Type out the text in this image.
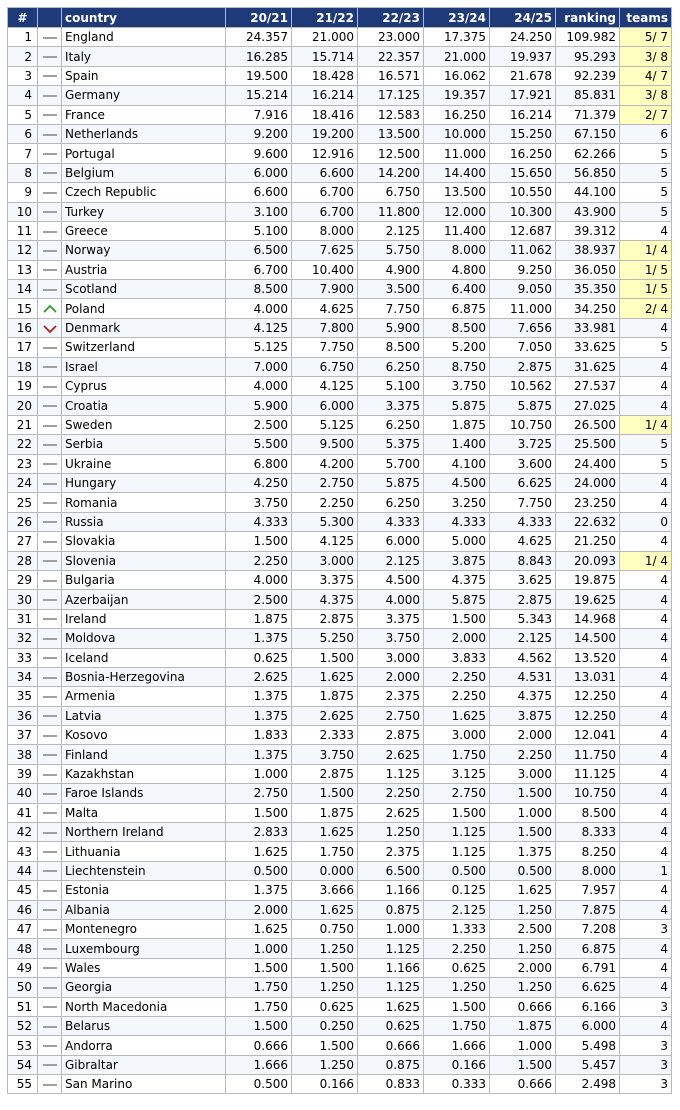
#		country	20/21	21/22	22/23	23/24	24/25	ranking	teams
1		England	24.357	21.000	23.000	17.375	24.250	109.982	5/ 7
2		Italy	16.285	15.714	22.357	21.000	19.937	95.293	3/ 8
3		Spain	19.500	18.428	16.571	16.062	21.678	92.239	4/ 7
4		Germany	15.214	16.214	17.125	19.357	17.921	85.831	3/ 8
5		France	7.916	18.416	12.583	16.250	16.214	71.379	2/ 7
6		Netherlands	9.200	19.200	13.500	10.000	15.250	67.150	6
7		Portugal	9.600	12.916	12.500	11.000	16.250	62.266	5
8		Belgium	6.000	6.600	14.200	14.400	15.650	56.850	5
9		Czech Republic	6.600	6.700	6.750	13.500	10.550	44.100	5
10		Turkey	3.100	6.700	11.800	12.000	10.300	43.900	5
11		Greece	5.100	8.000	2.125	11.400	12.687	39.312	4
12		Norway	6.500	7.625	5.750	8.000	11.062	38.937	1/ 4
13		Austria	6.700	10.400	4.900	4.800	9.250	36.050	1/ 5
14		Scotland	8.500	7.900	3.500	6.400	9.050	35.350	1/ 5
15		Poland	4.000	4.625	7.750	6.875	11.000	34.250	2/ 4
16		Denmark	4.125	7.800	5.900	8.500	7.656	33.981	4
17		Switzerland	5.125	7.750	8.500	5.200	7.050	33.625	5
18		Israel	7.000	6.750	6.250	8.750	2.875	31.625	4
19		Cyprus	4.000	4.125	5.100	3.750	10.562	27.537	4
20		Croatia	5.900	6.000	3.375	5.875	5.875	27.025	4
21		Sweden	2.500	5.125	6.250	1.875	10.750	26.500	1/ 4
22		Serbia	5.500	9.500	5.375	1.400	3.725	25.500	5
23		Ukraine	6.800	4.200	5.700	4.100	3.600	24.400	5
24		Hungary	4.250	2.750	5.875	4.500	6.625	24.000	4
25		Romania	3.750	2.250	6.250	3.250	7.750	23.250	4
26		Russia	4.333	5.300	4.333	4.333	4.333	22.632	0
27		Slovakia	1.500	4.125	6.000	5.000	4.625	21.250	4
28		Slovenia	2.250	3.000	2.125	3.875	8.843	20.093	1/ 4
29		Bulgaria	4.000	3.375	4.500	4.375	3.625	19.875	4
30		Azerbaijan	2.500	4.375	4.000	5.875	2.875	19.625	4
31		Ireland	1.875	2.875	3.375	1.500	5.343	14.968	4
32		Moldova	1.375	5.250	3.750	2.000	2.125	14.500	4
33		Iceland	0.625	1.500	3.000	3.833	4.562	13.520	4
34		Bosnia-Herzegovina	2.625	1.625	2.000	2.250	4.531	13.031	4
35		Armenia	1.375	1.875	2.375	2.250	4.375	12.250	4
36		Latvia	1.375	2.625	2.750	1.625	3.875	12.250	4
37		Kosovo	1.833	2.333	2.875	3.000	2.000	12.041	4
38		Finland	1.375	3.750	2.625	1.750	2.250	11.750	4
39		Kazakhstan	1.000	2.875	1.125	3.125	3.000	11.125	4
40		Faroe Islands	2.750	1.500	2.250	2.750	1.500	10.750	4
41		Malta	1.500	1.875	2.625	1.500	1.000	8.500	4
42		Northern Ireland	2.833	1.625	1.250	1.125	1.500	8.333	4
43		Lithuania	1.625	1.750	2.375	1.125	1.375	8.250	4
44		Liechtenstein	0.500	0.000	6.500	0.500	0.500	8.000	1
45		Estonia	1.375	3.666	1.166	0.125	1.625	7.957	4
46		Albania	2.000	1.625	0.875	2.125	1.250	7.875	4
47		Montenegro	1.625	0.750	1.000	1.333	2.500	7.208	3
48		Luxembourg	1.000	1.250	1.125	2.250	1.250	6.875	4
49		Wales	1.500	1.500	1.166	0.625	2.000	6.791	4
50		Georgia	1.750	1.250	1.125	1.250	1.250	6.625	4
51		North Macedonia	1.750	0.625	1.625	1.500	0.666	6.166	3
52		Belarus	1.500	0.250	0.625	1.750	1.875	6.000	4
53		Andorra	0.666	1.500	0.666	1.666	1.000	5.498	3
54		Gibraltar	1.666	1.250	0.875	0.166	1.500	5.457	3
55		San Marino	0.500	0.166	0.833	0.333	0.666	2.498	3
